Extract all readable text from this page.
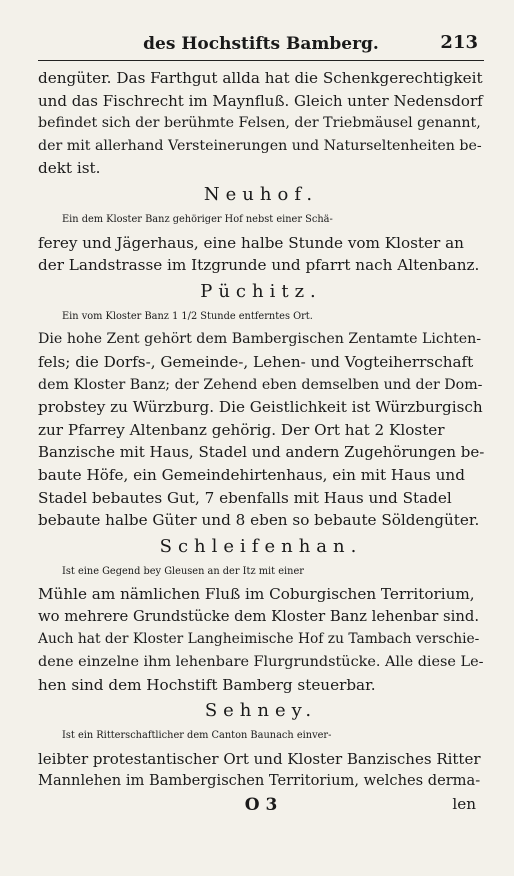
des Hochstifts Bamberg.	213

dengüter. Das Farthgut allda hat die Schenkgerechtigkeit
und das Fischrecht im Maynfluß. Gleich unter Nedensdorf
befindet sich der berühmte Felsen, der Triebmäusel genannt,
der mit allerhand Versteinerungen und Naturseltenheiten be-
dekt ist.

Neuhof.

Ein dem Kloster Banz gehöriger Hof nebst einer Schä-
ferey und Jägerhaus, eine halbe Stunde vom Kloster an
der Landstrasse im Itzgrunde und pfarrt nach Altenbanz.

Püchitz.

Ein vom Kloster Banz 1 1/2 Stunde entferntes Ort.
Die hohe Zent gehört dem Bambergischen Zentamte Lichten-
fels; die Dorfs-, Gemeinde-, Lehen- und Vogteiherrschaft
dem Kloster Banz; der Zehend eben demselben und der Dom-
probstey zu Würzburg. Die Geistlichkeit ist Würzburgisch
zur Pfarrey Altenbanz gehörig. Der Ort hat 2 Kloster
Banzische mit Haus, Stadel und andern Zugehörungen be-
baute Höfe, ein Gemeindehirtenhaus, ein mit Haus und
Stadel bebautes Gut, 7 ebenfalls mit Haus und Stadel
bebaute halbe Güter und 8 eben so bebaute Söldengüter.

Schleifenhan.

Ist eine Gegend bey Gleusen an der Itz mit einer
Mühle am nämlichen Fluß im Coburgischen Territorium,
wo mehrere Grundstücke dem Kloster Banz lehenbar sind.
Auch hat der Kloster Langheimische Hof zu Tambach verschie-
dene einzelne ihm lehenbare Flurgrundstücke. Alle diese Le-
hen sind dem Hochstift Bamberg steuerbar.

Sehney.

Ist ein Ritterschaftlicher dem Canton Baunach einver-
leibter protestantischer Ort und Kloster Banzisches Ritter
Mannlehen im Bambergischen Territorium, welches derma-

O 3	len
